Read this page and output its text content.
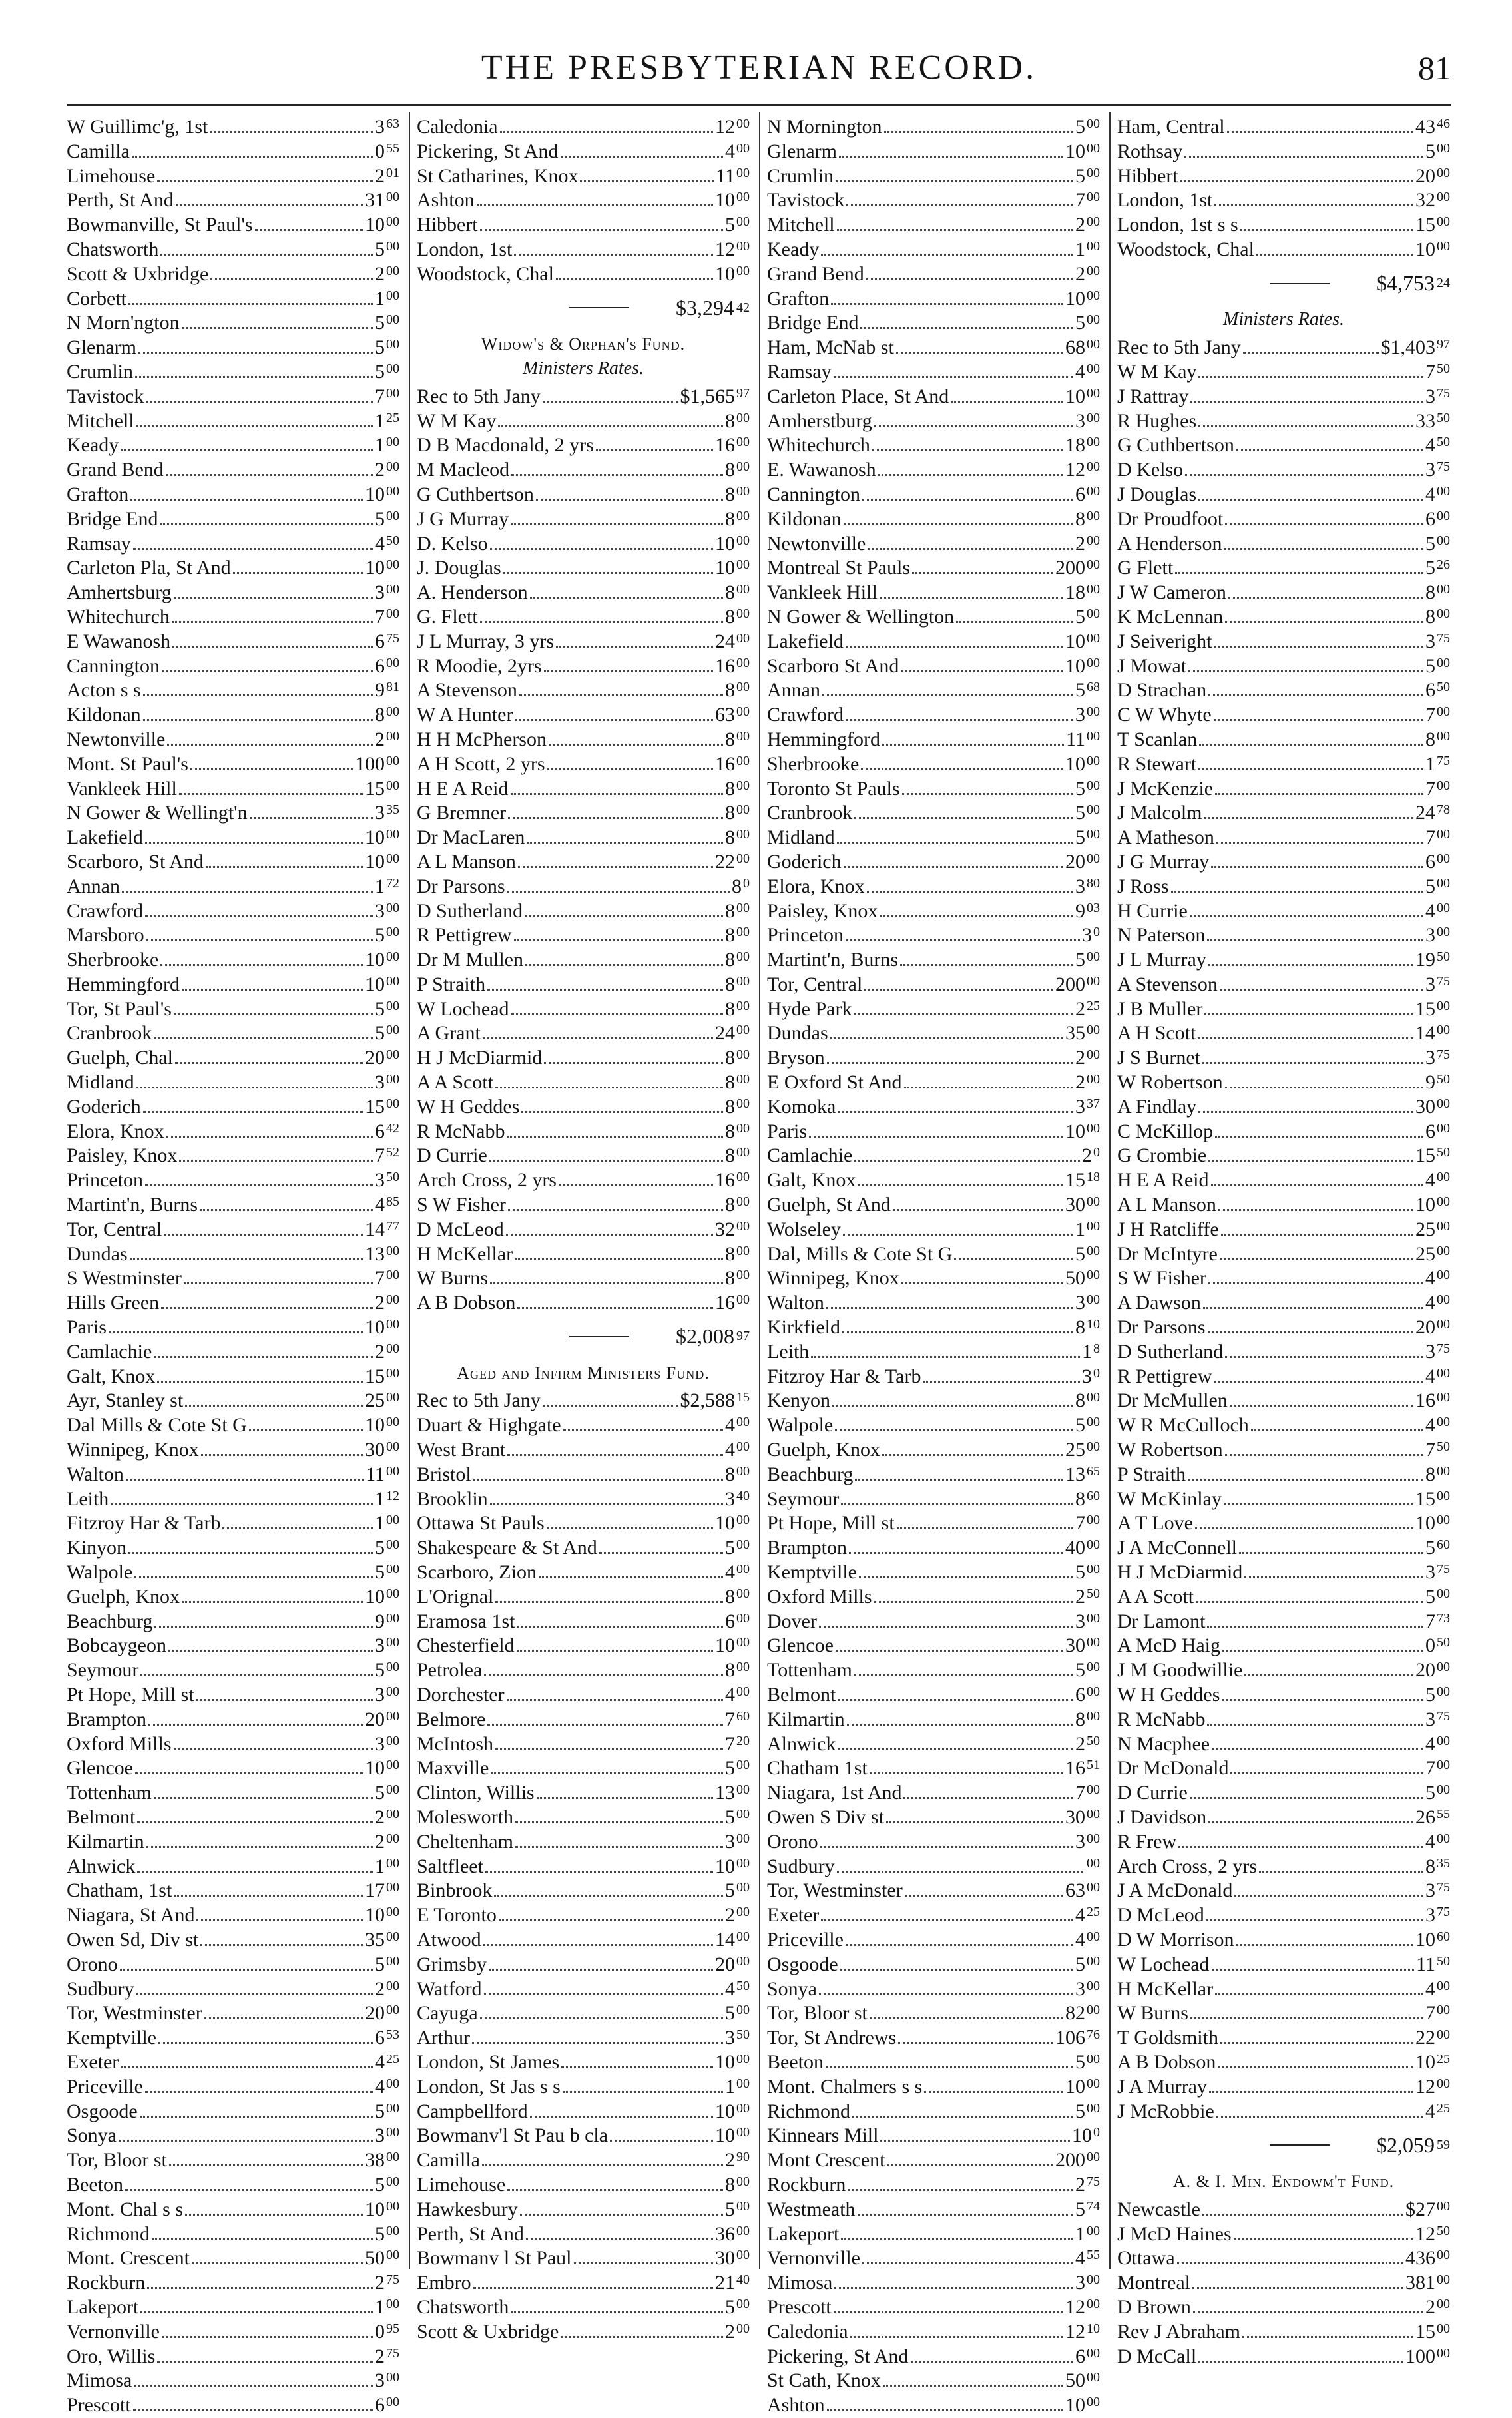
THE PRESBYTERIAN RECORD.	81
W Guillimc'g, 1st	3 $^{63}$
Camilla	0 $^{55}$
Limehouse	2 $^{01}$
Perth, St And	31 $^{00}$
Bowmanville, St Paul's	10 $^{00}$
Chatsworth	5 $^{00}$
Scott & Uxbridge	2 $^{00}$
Corbett	1 $^{00}$
N Morn'ngton	5 $^{00}$
Glenarm	5 $^{00}$
Crumlin	5 $^{00}$
Tavistock	7 $^{00}$
Mitchell	1 $^{25}$
Keady	1 $^{00}$
Grand Bend	2 $^{00}$
Grafton	10 $^{00}$
Bridge End	5 $^{00}$
Ramsay	4 $^{50}$
Carleton Pla, St And	10 $^{00}$
Amhertsburg	3 $^{00}$
Whitechurch	7 $^{00}$
E Wawanosh	6 $^{75}$
Cannington	6 $^{00}$
Acton s s	9 $^{81}$
Kildonan	8 $^{00}$
Newtonville	2 $^{00}$
Mont. St Paul's	100 $^{00}$
Vankleek Hill	15 $^{00}$
N Gower & Wellingt'n	3 $^{35}$
Lakefield	10 $^{00}$
Scarboro, St And	10 $^{00}$
Annan	1 $^{72}$
Crawford	3 $^{00}$
Marsboro	5 $^{00}$
Sherbrooke	10 $^{00}$
Hemmingford	10 $^{00}$
Tor, St Paul's	5 $^{00}$
Cranbrook	5 $^{00}$
Guelph, Chal	20 $^{00}$
Midland	3 $^{00}$
Goderich	15 $^{00}$
Elora, Knox	6 $^{42}$
Paisley, Knox	7 $^{52}$
Princeton	3 $^{50}$
Martint'n, Burns	4 $^{85}$
Tor, Central	14 $^{77}$
Dundas	13 $^{00}$
S Westminster	7 $^{00}$
Hills Green	2 $^{00}$
Paris	10 $^{00}$
Camlachie	2 $^{00}$
Galt, Knox	15 $^{00}$
Ayr, Stanley st	25 $^{00}$
Dal Mills & Cote St G	10 $^{00}$
Winnipeg, Knox	30 $^{00}$
Walton	11 $^{00}$
Leith	1 $^{12}$
Fitzroy Har & Tarb	1 $^{00}$
Kinyon	5 $^{00}$
Walpole	5 $^{00}$
Guelph, Knox	10 $^{00}$
Beachburg	9 $^{00}$
Bobcaygeon	3 $^{00}$
Seymour	5 $^{00}$
Pt Hope, Mill st	3 $^{00}$
Brampton	20 $^{00}$
Oxford Mills	3 $^{00}$
Glencoe	10 $^{00}$
Tottenham	5 $^{00}$
Belmont	2 $^{00}$
Kilmartin	2 $^{00}$
Alnwick	1 $^{00}$
Chatham, 1st	17 $^{00}$
Niagara, St And	10 $^{00}$
Owen Sd, Div st	35 $^{00}$
Orono	5 $^{00}$
Sudbury	2 $^{00}$
Tor, Westminster	20 $^{00}$
Kemptville	6 $^{53}$
Exeter	4 $^{25}$
Priceville	4 $^{00}$
Osgoode	5 $^{00}$
Sonya	3 $^{00}$
Tor, Bloor st	38 $^{00}$
Beeton	5 $^{00}$
Mont. Chal s s	10 $^{00}$
Richmond	5 $^{00}$
Mont. Crescent	50 $^{00}$
Rockburn	2 $^{75}$
Lakeport	1 $^{00}$
Vernonville	0 $^{95}$
Oro, Willis	2 $^{75}$
Mimosa	3 $^{00}$
Prescott	6 $^{00}$
Caledonia	12 $^{00}$
Pickering, St And	4 $^{00}$
St Catharines, Knox	11 $^{00}$
Ashton	10 $^{00}$
Hibbert	5 $^{00}$
London, 1st	12 $^{00}$
Woodstock, Chal	10 $^{00}$
$3,294 42
Widow's & Orphan's Fund.
Ministers Rates.
Rec to 5th Jany	$1,565 $^{97}$
W M Kay	8 $^{00}$
D B Macdonald, 2 yrs	16 $^{00}$
M Macleod	8 $^{00}$
G Cuthbertson	8 $^{00}$
J G Murray	8 $^{00}$
D. Kelso	10 $^{00}$
J. Douglas	10 $^{00}$
A. Henderson	8 $^{00}$
G. Flett	8 $^{00}$
J L Murray, 3 yrs	24 $^{00}$
R Moodie, 2yrs	16 $^{00}$
A Stevenson	8 $^{00}$
W A Hunter	63 $^{00}$
H H McPherson	8 $^{00}$
A H Scott, 2 yrs	16 $^{00}$
H E A Reid	8 $^{00}$
G Bremner	8 $^{00}$
Dr MacLaren	8 $^{00}$
A L Manson	22 $^{00}$
Dr Parsons	8 $^0$
D Sutherland	8 $^{00}$
R Pettigrew	8 $^{00}$
Dr M Mullen	8 $^{00}$
P Straith	8 $^{00}$
W Lochead	8 $^{00}$
A Grant	24 $^{00}$
H J McDiarmid	8 $^{00}$
A A Scott	8 $^{00}$
W H Geddes	8 $^{00}$
R McNabb	8 $^{00}$
D Currie	8 $^{00}$
Arch Cross, 2 yrs	16 $^{00}$
S W Fisher	8 $^{00}$
D McLeod	32 $^{00}$
H McKellar	8 $^{00}$
W Burns	8 $^{00}$
A B Dobson	16 $^{00}$
$2,008 97
Aged and Infirm Ministers Fund.
Rec to 5th Jany	$2,588 $^{15}$
Duart & Highgate	4 $^{00}$
West Brant	4 $^{00}$
Bristol	8 $^{00}$
Brooklin	3 $^{40}$
Ottawa St Pauls	10 $^{00}$
Shakespeare & St And	5 $^{00}$
Scarboro, Zion	4 $^{00}$
L'Orignal	8 $^{00}$
Eramosa 1st	6 $^{00}$
Chesterfield	10 $^{00}$
Petrolea	8 $^{00}$
Dorchester	4 $^{00}$
Belmore	7 $^{60}$
McIntosh	7 $^{20}$
Maxville	5 $^{00}$
Clinton, Willis	13 $^{00}$
Molesworth	5 $^{00}$
Cheltenham	3 $^{00}$
Saltfleet	10 $^{00}$
Binbrook	5 $^{00}$
E Toronto	2 $^{00}$
Atwood	14 $^{00}$
Grimsby	20 $^{00}$
Watford	4 $^{50}$
Cayuga	5 $^{00}$
Arthur	3 $^{50}$
London, St James	10 $^{00}$
London, St Jas s s	1 $^{00}$
Campbellford	10 $^{00}$
Bowmanv'l St Pau b cla	10 $^{00}$
Camilla	2 $^{90}$
Limehouse	8 $^{00}$
Hawkesbury	5 $^{00}$
Perth, St And	36 $^{00}$
Bowmanv l St Paul	30 $^{00}$
Embro	21 $^{40}$
Chatsworth	5 $^{00}$
Scott & Uxbridge	2 $^{00}$
N Mornington	5 $^{00}$
Glenarm	10 $^{00}$
Crumlin	5 $^{00}$
Tavistock	7 $^{00}$
Mitchell	2 $^{00}$
Keady	1 $^{00}$
Grand Bend	2 $^{00}$
Grafton	10 $^{00}$
Bridge End	5 $^{00}$
Ham, McNab st	68 $^{00}$
Ramsay	4 $^{00}$
Carleton Place, St And	10 $^{00}$
Amherstburg	3 $^{00}$
Whitechurch	18 $^{00}$
E. Wawanosh	12 $^{00}$
Cannington	6 $^{00}$
Kildonan	8 $^{00}$
Newtonville	2 $^{00}$
Montreal St Pauls	200 $^{00}$
Vankleek Hill	18 $^{00}$
N Gower & Wellington	5 $^{00}$
Lakefield	10 $^{00}$
Scarboro St And	10 $^{00}$
Annan	5 $^{68}$
Crawford	3 $^{00}$
Hemmingford	11 $^{00}$
Sherbrooke	10 $^{00}$
Toronto St Pauls	5 $^{00}$
Cranbrook	5 $^{00}$
Midland	5 $^{00}$
Goderich	20 $^{00}$
Elora, Knox	3 $^{80}$
Paisley, Knox	9 $^{03}$
Princeton	3 $^0$
Martint'n, Burns	5 $^{00}$
Tor, Central	200 $^{00}$
Hyde Park	2 $^{25}$
Dundas	35 $^{00}$
Bryson	2 $^{00}$
E Oxford St And	2 $^{00}$
Komoka	3 $^{37}$
Paris	10 $^{00}$
Camlachie	2 $^0$
Galt, Knox	15 $^{18}$
Guelph, St And	30 $^{00}$
Wolseley	1 $^{00}$
Dal, Mills & Cote St G	5 $^{00}$
Winnipeg, Knox	50 $^{00}$
Walton	3 $^{00}$
Kirkfield	8 $^{10}$
Leith	1 $^8$
Fitzroy Har & Tarb	3 $^0$
Kenyon	8 $^{00}$
Walpole	5 $^{00}$
Guelph, Knox	25 $^{00}$
Beachburg	13 $^{65}$
Seymour	8 $^{60}$
Pt Hope, Mill st	7 $^{00}$
Brampton	40 $^{00}$
Kemptville	5 $^{00}$
Oxford Mills	2 $^{50}$
Dover	3 $^{00}$
Glencoe	30 $^{00}$
Tottenham	5 $^{00}$
Belmont	6 $^{00}$
Kilmartin	8 $^{00}$
Alnwick	2 $^{50}$
Chatham 1st	16 $^{51}$
Niagara, 1st And	7 $^{00}$
Owen S Div st	30 $^{00}$
Orono	3 $^{00}$
Sudbury	$^{00}$
Tor, Westminster	63 $^{00}$
Exeter	4 $^{25}$
Priceville	4 $^{00}$
Osgoode	5 $^{00}$
Sonya	3 $^{00}$
Tor, Bloor st	82 $^{00}$
Tor, St Andrews	106 $^{76}$
Beeton	5 $^{00}$
Mont. Chalmers s s	10 $^{00}$
Richmond	5 $^{00}$
Kinnears Mill	10 $^0$
Mont Crescent	200 $^{00}$
Rockburn	2 $^{75}$
Westmeath	5 $^{74}$
Lakeport	1 $^{00}$
Vernonville	4 $^{55}$
Mimosa	3 $^{00}$
Prescott	12 $^{00}$
Caledonia	12 $^{10}$
Pickering, St And	6 $^{00}$
St Cath, Knox	50 $^{00}$
Ashton	10 $^{00}$
Ham, Central	43 $^{46}$
Rothsay	5 $^{00}$
Hibbert	20 $^{00}$
London, 1st	32 $^{00}$
London, 1st s s	15 $^{00}$
Woodstock, Chal	10 $^{00}$
$4,753 24
Ministers Rates.
Rec to 5th Jany	$1,403 $^{97}$
W M Kay	7 $^{50}$
J Rattray	3 $^{75}$
R Hughes	33 $^{50}$
G Cuthbertson	4 $^{50}$
D Kelso	3 $^{75}$
J Douglas	4 $^{00}$
Dr Proudfoot	6 $^{00}$
A Henderson	5 $^{00}$
G Flett	5 $^{26}$
J W Cameron	8 $^{00}$
K McLennan	8 $^{00}$
J Seiveright	3 $^{75}$
J Mowat	5 $^{00}$
D Strachan	6 $^{50}$
C W Whyte	7 $^{00}$
T Scanlan	8 $^{00}$
R Stewart	1 $^{75}$
J McKenzie	7 $^{00}$
J Malcolm	24 $^{78}$
A Matheson	7 $^{00}$
J G Murray	6 $^{00}$
J Ross	5 $^{00}$
H Currie	4 $^{00}$
N Paterson	3 $^{00}$
J L Murray	19 $^{50}$
A Stevenson	3 $^{75}$
J B Muller	15 $^{00}$
A H Scott	14 $^{00}$
J S Burnet	3 $^{75}$
W Robertson	9 $^{50}$
A Findlay	30 $^{00}$
C McKillop	6 $^{00}$
G Crombie	15 $^{50}$
H E A Reid	4 $^{00}$
A L Manson	10 $^{00}$
J H Ratcliffe	25 $^{00}$
Dr McIntyre	25 $^{00}$
S W Fisher	4 $^{00}$
A Dawson	4 $^{00}$
Dr Parsons	20 $^{00}$
D Sutherland	3 $^{75}$
R Pettigrew	4 $^{00}$
Dr McMullen	16 $^{00}$
W R McCulloch	4 $^{00}$
W Robertson	7 $^{50}$
P Straith	8 $^{00}$
W McKinlay	15 $^{00}$
A T Love	10 $^{00}$
J A McConnell	5 $^{60}$
H J McDiarmid	3 $^{75}$
A A Scott	5 $^{00}$
Dr Lamont	7 $^{73}$
A McD Haig	0 $^{50}$
J M Goodwillie	20 $^{00}$
W H Geddes	5 $^{00}$
R McNabb	3 $^{75}$
N Macphee	4 $^{00}$
Dr McDonald	7 $^{00}$
D Currie	5 $^{00}$
J Davidson	26 $^{55}$
R Frew	4 $^{00}$
Arch Cross, 2 yrs	8 $^{35}$
J A McDonald	3 $^{75}$
D McLeod	3 $^{75}$
D W Morrison	10 $^{60}$
W Lochead	11 $^{50}$
H McKellar	4 $^{00}$
W Burns	7 $^{00}$
T Goldsmith	22 $^{00}$
A B Dobson	10 $^{25}$
J A Murray	12 $^{00}$
J McRobbie	4 $^{25}$
$2,059 59
A. & I. Min. Endowm't Fund.
Newcastle	$27 $^{00}$
J McD Haines	12 $^{50}$
Ottawa	436 $^{00}$
Montreal	381 $^{00}$
D Brown	2 $^{00}$
Rev J Abraham	15 $^{00}$
D McCall	100 $^{00}$
